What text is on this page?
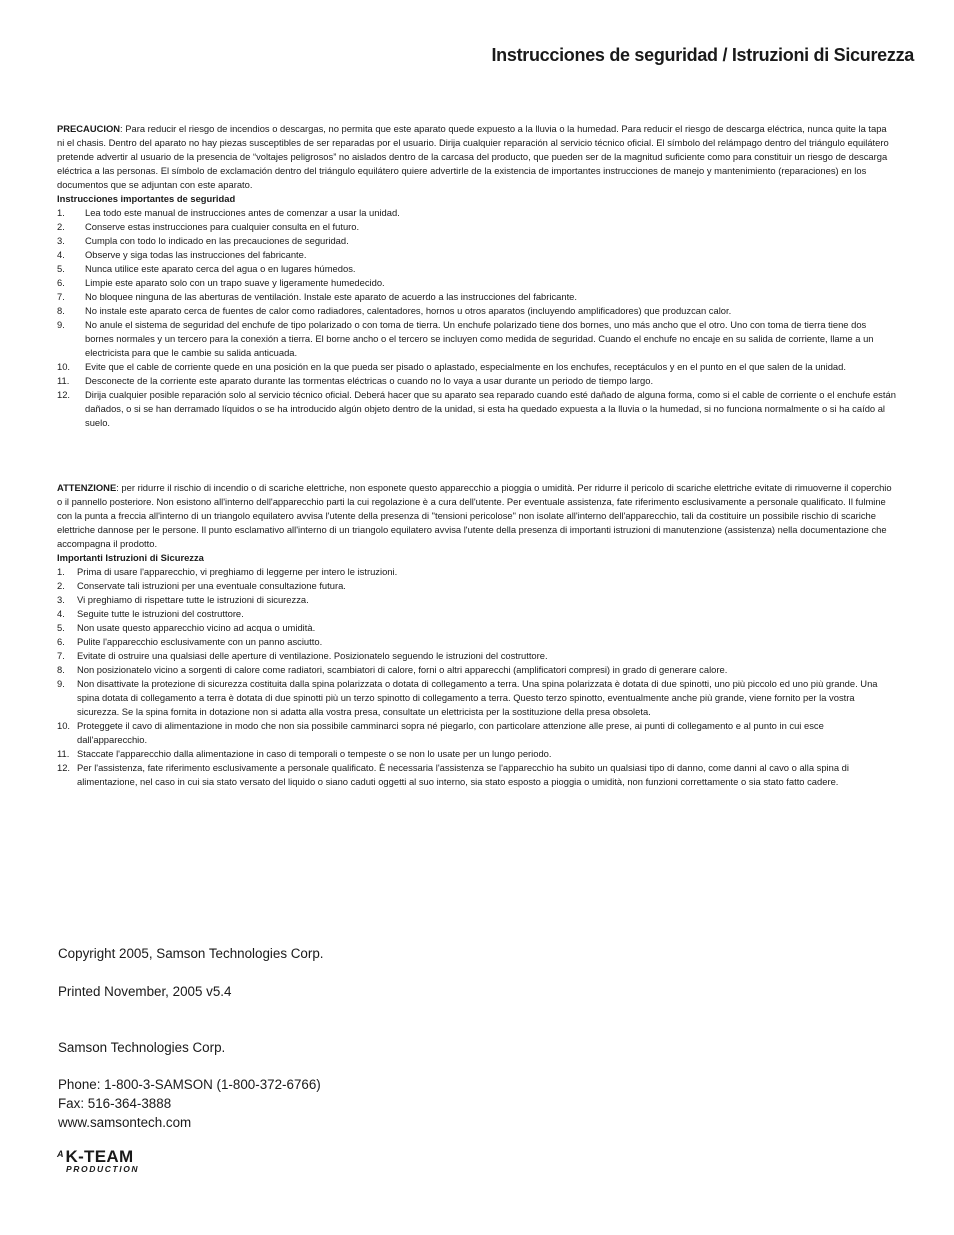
Instrucciones de seguridad / Istruzioni di Sicurezza

PRECAUCION: Para reducir el riesgo de incendios o descargas, no permita que este aparato quede expuesto a la lluvia o la humedad. Para reducir el riesgo de descarga eléctrica, nunca quite la tapa ni el chasis. Dentro del aparato no hay piezas susceptibles de ser reparadas por el usuario. Dirija cualquier reparación al servicio técnico oficial. El símbolo del relámpago dentro del triángulo equilátero pretende advertir al usuario de la presencia de “voltajes peligrosos” no aislados dentro de la carcasa del producto, que pueden ser de la magnitud suficiente como para constituir un riesgo de descarga eléctrica a las personas. El símbolo de exclamación dentro del triángulo equilátero quiere advertirle de la existencia de importantes instrucciones de manejo y mantenimiento (reparaciones) en los documentos que se adjuntan con este aparato.

Instrucciones importantes de seguridad

1.	Lea todo este manual de instrucciones antes de comenzar a usar la unidad.
2.	Conserve estas instrucciones para cualquier consulta en el futuro.
3.	Cumpla con todo lo indicado en las precauciones de seguridad.
4.	Observe y siga todas las instrucciones del fabricante.
5.	Nunca utilice este aparato cerca del agua o en lugares húmedos.
6.	Limpie este aparato solo con un trapo suave y ligeramente humedecido.
7.	No bloquee ninguna de las aberturas de ventilación. Instale este aparato de acuerdo a las instrucciones del fabricante.
8.	No instale este aparato cerca de fuentes de calor como radiadores, calentadores, hornos u otros aparatos (incluyendo amplificadores) que produzcan calor.
9.	No anule el sistema de seguridad del enchufe de tipo polarizado o con toma de tierra. Un enchufe polarizado tiene dos bornes, uno más ancho que el otro. Uno con toma de tierra tiene dos bornes normales y un tercero para la conexión a tierra. El borne ancho o el tercero se incluyen como medida de seguridad. Cuando el enchufe no encaje en su salida de corriente, llame a un electricista para que le cambie su salida anticuada.
10.	Evite que el cable de corriente quede en una posición en la que pueda ser pisado o aplastado, especialmente en los enchufes, receptáculos y en el punto en el que salen de la unidad.
11.	Desconecte de la corriente este aparato durante las tormentas eléctricas o cuando no lo vaya a usar durante un periodo de tiempo largo.
12.	Dirija cualquier posible reparación solo al servicio técnico oficial. Deberá hacer que su aparato sea reparado cuando esté dañado de alguna forma, como si el cable de corriente o el enchufe están dañados, o si se han derramado líquidos o se ha introducido algún objeto dentro de la unidad, si esta ha quedado expuesta a la lluvia o la humedad, si no funciona normalmente o si ha caído al suelo.

ATTENZIONE: per ridurre il rischio di incendio o di scariche elettriche, non esponete questo apparecchio a pioggia o umidità. Per ridurre il pericolo di scariche elettriche evitate di rimuoverne il coperchio o il pannello posteriore. Non esistono all'interno dell'apparecchio parti la cui regolazione è a cura dell'utente. Per eventuale assistenza, fate riferimento esclusivamente a personale qualificato. Il fulmine con la punta a freccia all'interno di un triangolo equilatero avvisa l'utente della presenza di "tensioni pericolose" non isolate all'interno dell'apparecchio, tali da costituire un possibile rischio di scariche elettriche dannose per le persone. Il punto esclamativo all'interno di un triangolo equilatero avvisa l'utente della presenza di importanti istruzioni di manutenzione (assistenza) nella documentazione che accompagna il prodotto.

Importanti Istruzioni di Sicurezza

1.	Prima di usare l'apparecchio, vi preghiamo di leggerne per intero le istruzioni.
2.	Conservate tali istruzioni per una eventuale consultazione futura.
3.	Vi preghiamo di rispettare tutte le istruzioni di sicurezza.
4.	Seguite tutte le istruzioni del costruttore.
5.	Non usate questo apparecchio vicino ad acqua o umidità.
6.	Pulite l'apparecchio esclusivamente con un panno asciutto.
7.	Evitate di ostruire una qualsiasi delle aperture di ventilazione. Posizionatelo seguendo le istruzioni del costruttore.
8.	Non posizionatelo vicino a sorgenti di calore come radiatori, scambiatori di calore, forni o altri apparecchi (amplificatori compresi) in grado di generare calore.
9.	Non disattivate la protezione di sicurezza costituita dalla spina polarizzata o dotata di collegamento a terra. Una spina polarizzata è dotata di due spinotti, uno più piccolo ed uno più grande. Una spina dotata di collegamento a terra è dotata di due spinotti più un terzo spinotto di collegamento a terra. Questo terzo spinotto, eventualmente anche più grande, viene fornito per la vostra sicurezza. Se la spina fornita in dotazione non si adatta alla vostra presa, consultate un elettricista per la sostituzione della presa obsoleta.
10. Proteggete il cavo di alimentazione in modo che non sia possibile camminarci sopra né piegarlo, con particolare attenzione alle prese, ai punti di collegamento e al punto in cui esce dall'apparecchio.
11. Staccate l'apparecchio dalla alimentazione in caso di temporali o tempeste o se non lo usate per un lungo periodo.
12. Per l'assistenza, fate riferimento esclusivamente a personale qualificato. È necessaria l'assistenza se l'apparecchio ha subito un qualsiasi tipo di danno, come danni al cavo o alla spina di alimentazione, nel caso in cui sia stato versato del liquido o siano caduti oggetti al suo interno, sia stato esposto a pioggia o umidità, non funzioni correttamente o sia stato fatto cadere.

Copyright 2005, Samson Technologies Corp.

Printed November, 2005 v5.4

Samson Technologies Corp.

Phone: 1-800-3-SAMSON (1-800-372-6766)

Fax: 516-364-3888

www.samsontech.com

$^A$ K-TEAM
PRODUCTION
